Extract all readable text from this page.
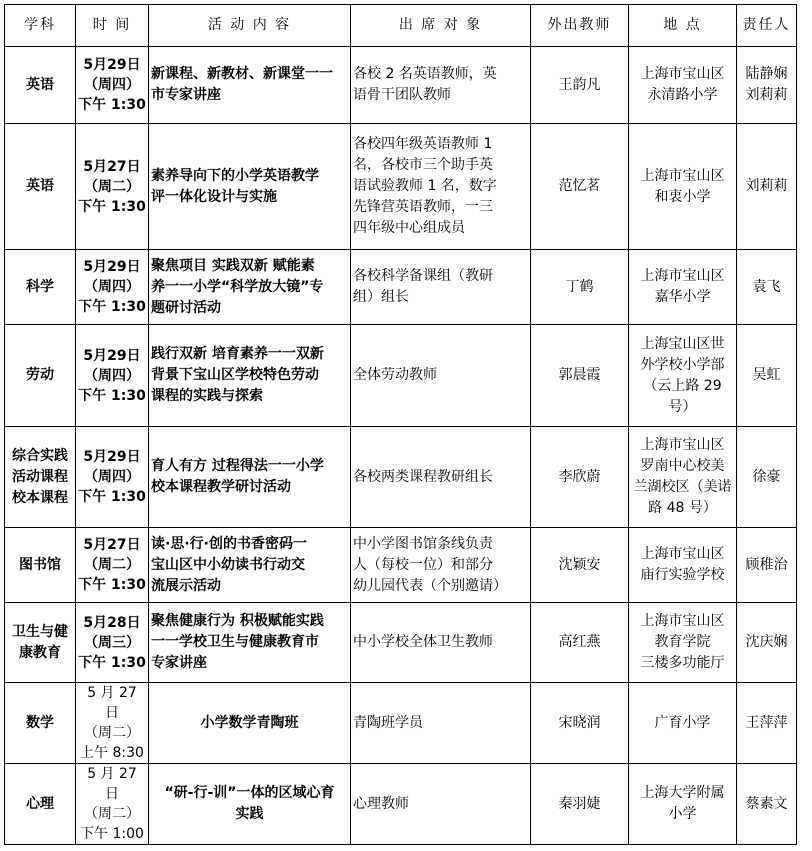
学科	时 间	活 动 内 容	出 席 对 象	外出教师	地 点	责任人

英语	5月29日
（周四）
下午 1:30	新课程、新教材、新课堂一一
市专家讲座	各校 2 名英语教师，英
语骨干团队教师	王韵凡	上海市宝山区
永清路小学	陆静娴
刘莉莉

英语	5月27日
（周二）
下午 1:30	素养导向下的小学英语教学
评一体化设计与实施	各校四年级英语教师 1
名，各校市三个助手英
语试验教师 1 名，数字
先锋营英语教师，一三
四年级中心组成员	范忆茗	上海市宝山区
和衷小学	刘莉莉

科学	5月29日
（周四）
下午 1:30	聚焦项目 实践双新 赋能素
养一一小学“科学放大镜”专
题研讨活动	各校科学备课组（教研
组）组长	丁鹤	上海市宝山区
嘉华小学	袁飞

劳动	5月29日
（周四）
下午 1:30	践行双新 培育素养一一双新
背景下宝山区学校特色劳动
课程的实践与探索	全体劳动教师	郭晨霞	上海宝山区世
外学校小学部
（云上路 29
号）	吴虹

综合实践
活动课程
校本课程	5月29日
（周四）
下午 1:30	育人有方 过程得法一一小学
校本课程教学研讨活动	各校两类课程教研组长	李欣蔚	上海市宝山区
罗南中心校美
兰湖校区（美诺
路 48 号）	徐豪

图书馆	5月27日
（周二）
下午 1:30	读·思·行·创的书香密码一
宝山区中小幼读书行动交
流展示活动	中小学图书馆条线负责
人（每校一位）和部分
幼儿园代表（个别邀请）	沈颖安	上海市宝山区
庙行实验学校	顾稚治

卫生与健
康教育	5月28日
（周三）
下午 1:30	聚焦健康行为 积极赋能实践
一一学校卫生与健康教育市
专家讲座	中小学校全体卫生教师	高红燕	上海市宝山区
教育学院
三楼多功能厅	沈庆娴

数学	5 月 27 日
（周二）
上午 8:30	小学数学青陶班	青陶班学员	宋晓润	广育小学	王萍萍

心理	5 月 27 日
（周二）
下午 1:00	“研-行-训”一体的区域心育
实践	心理教师	秦羽婕	上海大学附属
小学	蔡素文
